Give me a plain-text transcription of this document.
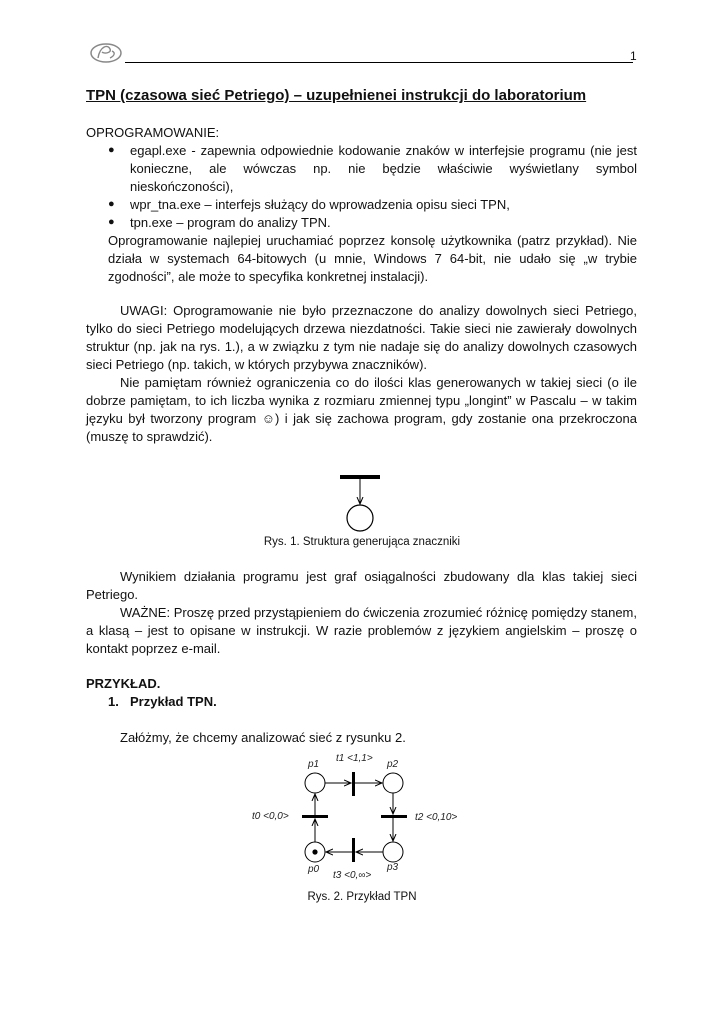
1
TPN (czasowa sieć Petriego) – uzupełnienei instrukcji do laboratorium
OPROGRAMOWANIE:
● egapl.exe - zapewnia odpowiednie kodowanie znaków w interfejsie programu (nie jest konieczne, ale wówczas np. nie będzie właściwie wyświetlany symbol nieskończoności),
● wpr_tna.exe – interfejs służący do wprowadzenia opisu sieci TPN,
● tpn.exe – program do analizy TPN.
Oprogramowanie najlepiej uruchamiać poprzez konsolę użytkownika (patrz przykład). Nie działa w systemach 64-bitowych (u mnie, Windows 7 64-bit, nie udało się „w trybie zgodności”, ale może to specyfika konkretnej instalacji).
UWAGI: Oprogramowanie nie było przeznaczone do analizy dowolnych sieci Petriego, tylko do sieci Petriego modelujących drzewa niezdatności. Takie sieci nie zawierały dowolnych struktur (np. jak na rys. 1.), a w związku z tym nie nadaje się do analizy dowolnych czasowych sieci Petriego (np. takich, w których przybywa znaczników).
Nie pamiętam również ograniczenia co do ilości klas generowanych w takiej sieci (o ile dobrze pamiętam, to ich liczba wynika z rozmiaru zmiennej typu „longint” w Pascalu – w takim języku był tworzony program ☺) i jak się zachowa program, gdy zostanie ona przekroczona (muszę to sprawdzić).
Rys. 1. Struktura generująca znaczniki
Wynikiem działania programu jest graf osiągalności zbudowany dla klas takiej sieci Petriego.
WAŻNE: Proszę przed przystąpieniem do ćwiczenia zrozumieć różnicę pomiędzy stanem, a klasą – jest to opisane w instrukcji. W razie problemów z językiem angielskim – proszę o kontakt poprzez e-mail.
PRZYKŁAD.
1. Przykład TPN.
Załóżmy, że chcemy analizować sieć z rysunku 2.
p1	p2
p3
p0
t1 <1,1>
t2 <0,10>
t3 <0,∞>
t0 <0,0>
Rys. 2. Przykład TPN
